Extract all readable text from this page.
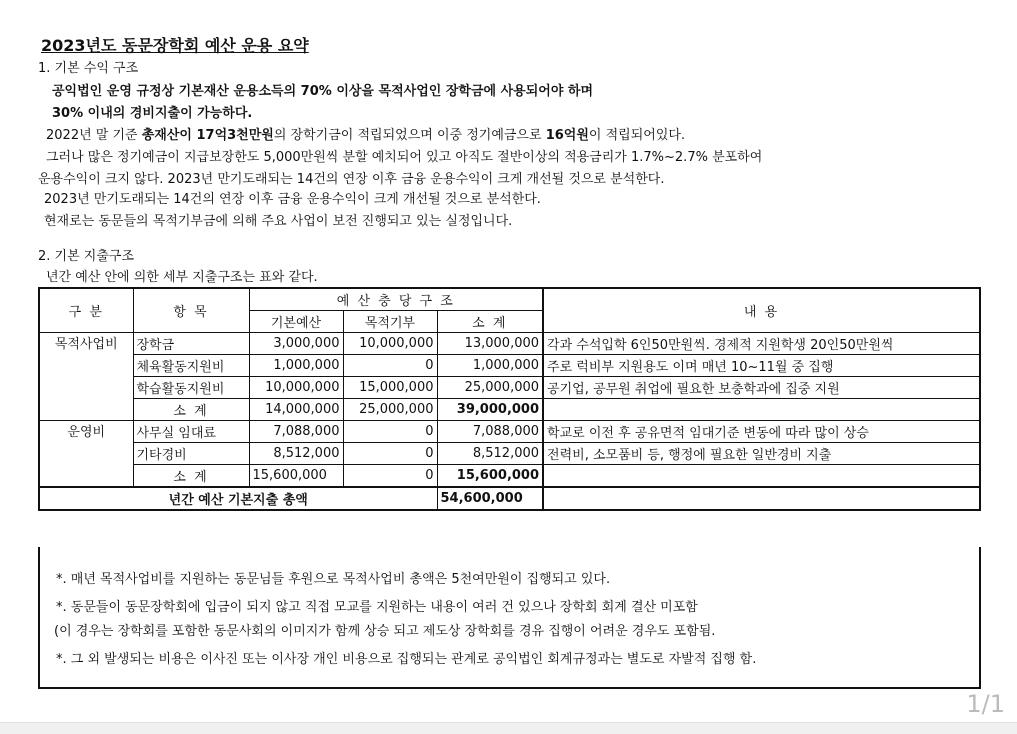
2023년도 동문장학회 예산 운용 요약
1. 기본 수익 구조
공익법인 운영 규정상 기본재산 운용소득의 70% 이상을 목적사업인 장학금에 사용되어야 하며
30% 이내의 경비지출이 가능하다.
2022년 말 기준 총재산이 17억3천만원의 장학기금이 적립되었으며 이중 정기예금으로 16억원이 적립되어있다.
그러나 많은 정기예금이 지급보장한도 5,000만원씩 분할 예치되어 있고 아직도 절반이상의 적용금리가 1.7%~2.7% 분포하여
운용수익이 크지 않다. 2023년 만기도래되는 14건의 연장 이후 금융 운용수익이 크게 개선될 것으로 분석한다.
2023년 만기도래되는 14건의 연장 이후 금융 운용수익이 크게 개선될 것으로 분석한다.
현재로는 동문들의 목적기부금에 의해 주요 사업이 보전 진행되고 있는 실정입니다.
2. 기본 지출구조
년간 예산 안에 의한 세부 지출구조는 표와 같다.
구 분	항 목	예 산 충 당 구 조			내 용
		기본예산	목적기부	소 계	
목적사업비	장학금	3,000,000	10,000,000	13,000,000	각과 수석입학 6인50만원씩. 경제적 지원학생 20인50만원씩
	체육활동지원비	1,000,000	0	1,000,000	주로 럭비부 지원용도 이며 매년 10~11월 중 집행
	학습활동지원비	10,000,000	15,000,000	25,000,000	공기업, 공무원 취업에 필요한 보충학과에 집중 지원
	소 계	14,000,000	25,000,000	39,000,000	
운영비	사무실 임대료	7,088,000	0	7,088,000	학교로 이전 후 공유면적 임대기준 변동에 따라 많이 상승
	기타경비	8,512,000	0	8,512,000	전력비, 소모품비 등, 행정에 필요한 일반경비 지출
	소 계	15,600,000	0	15,600,000	
년간 예산 기본지출 총액				54,600,000	
*. 매년 목적사업비를 지원하는 동문님들 후원으로 목적사업비 총액은 5천여만원이 집행되고 있다.
*. 동문들이 동문장학회에 입금이 되지 않고 직접 모교를 지원하는 내용이 여러 건 있으나 장학회 회계 결산 미포함
(이 경우는 장학회를 포함한 동문사회의 이미지가 함께 상승 되고 제도상 장학회를 경유 집행이 어려운 경우도 포함됨.
*. 그 외 발생되는 비용은 이사진 또는 이사장 개인 비용으로 집행되는 관계로 공익법인 회계규정과는 별도로 자발적 집행 함.
1/1
